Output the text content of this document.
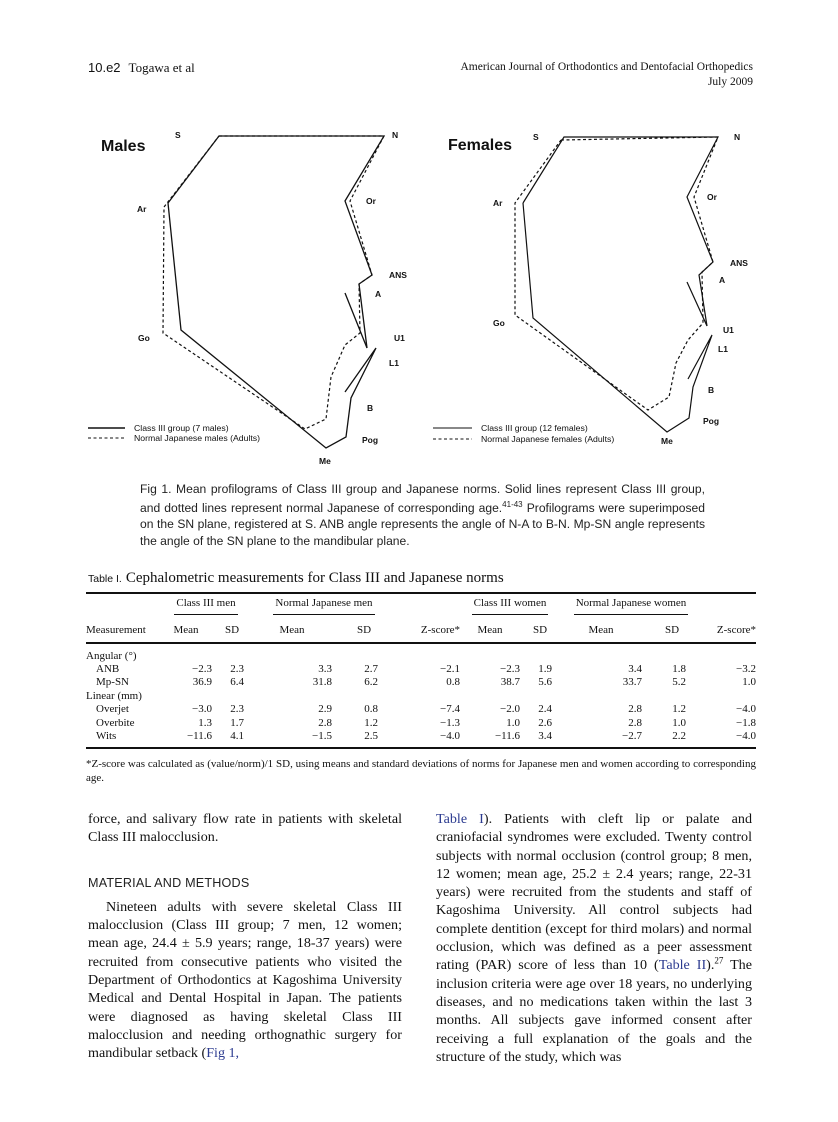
10.e2 Togawa et al	American Journal of Orthodontics and Dentofacial Orthopedics
July 2009
Males
S	N
Ar
Or
ANS
A
Go	U1
L1
B
Pog
Me
Class III group (7 males)
Normal Japanese males (Adults)
Females S	N
Ar
Or
ANS
A
Go
U1
L1
B
Pog
Me
Class III group (12 females)
Normal Japanese females (Adults)
Fig 1. Mean profilograms of Class III group and Japanese norms. Solid lines represent Class III group, and dotted lines represent normal Japanese of corresponding age.$^{41-43}$ Profilograms were superimposed on the SN plane, registered at S. ANB angle represents the angle of N-A to B-N. Mp-SN angle represents the angle of the SN plane to the mandibular plane.
Table I. Cephalometric measurements for Class III and Japanese norms
	Class III men		Normal Japanese men			Class III women		Normal Japanese women		
Measurement	Mean	SD	Mean	SD	Z-score*	Mean	SD	Mean	SD	Z-score*

Angular (°)										
ANB	−2.3	2.3	3.3	2.7	−2.1	−2.3	1.9	3.4	1.8	−3.2
Mp-SN	36.9	6.4	31.8	6.2	0.8	38.7	5.6	33.7	5.2	1.0
Linear (mm)										
Overjet	−3.0	2.3	2.9	0.8	−7.4	−2.0	2.4	2.8	1.2	−4.0
Overbite	1.3	1.7	2.8	1.2	−1.3	1.0	2.6	2.8	1.0	−1.8
Wits	−11.6	4.1	−1.5	2.5	−4.0	−11.6	3.4	−2.7	2.2	−4.0

*Z-score was calculated as (value/norm)/1 SD, using means and standard deviations of norms for Japanese men and women according to corresponding age.
force, and salivary flow rate in patients with skeletal Class III malocclusion.
MATERIAL AND METHODS
Nineteen adults with severe skeletal Class III malocclusion (Class III group; 7 men, 12 women; mean age, 24.4 ± 5.9 years; range, 18-37 years) were recruited from consecutive patients who visited the Department of Orthodontics at Kagoshima University Medical and Dental Hospital in Japan. The patients were diagnosed as having skeletal Class III malocclusion and needing orthognathic surgery for mandibular setback (Fig 1,
Table I). Patients with cleft lip or palate and craniofacial syndromes were excluded. Twenty control subjects with normal occlusion (control group; 8 men, 12 women; mean age, 25.2 ± 2.4 years; range, 22-31 years) were recruited from the students and staff of Kagoshima University. All control subjects had complete dentition (except for third molars) and normal occlusion, which was defined as a peer assessment rating (PAR) score of less than 10 (Table II).$^{27}$ The inclusion criteria were age over 18 years, no underlying diseases, and no medications taken within the last 3 months. All subjects gave informed consent after receiving a full explanation of the goals and the structure of the study, which was
